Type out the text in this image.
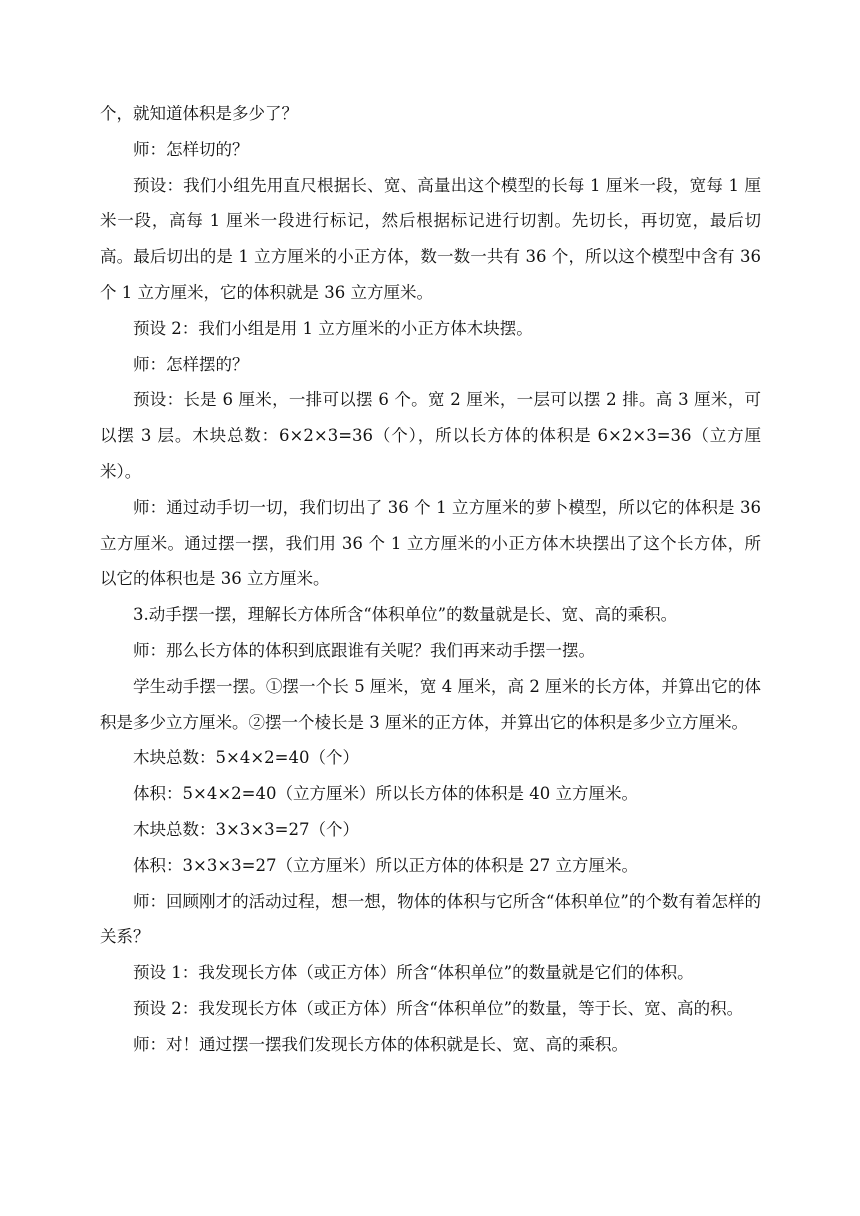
个，就知道体积是多少了？

师：怎样切的？

预设：我们小组先用直尺根据长、宽、高量出这个模型的长每 1 厘米一段，宽每 1 厘米一段，高每 1 厘米一段进行标记，然后根据标记进行切割。先切长，再切宽，最后切高。最后切出的是 1 立方厘米的小正方体，数一数一共有 36 个，所以这个模型中含有 36 个 1 立方厘米，它的体积就是 36 立方厘米。

预设 2：我们小组是用 1 立方厘米的小正方体木块摆。

师：怎样摆的？

预设：长是 6 厘米，一排可以摆 6 个。宽 2 厘米，一层可以摆 2 排。高 3 厘米，可以摆 3 层。木块总数：6×2×3=36（个），所以长方体的体积是 6×2×3=36（立方厘米）。

师：通过动手切一切，我们切出了 36 个 1 立方厘米的萝卜模型，所以它的体积是 36 立方厘米。通过摆一摆，我们用 36 个 1 立方厘米的小正方体木块摆出了这个长方体，所以它的体积也是 36 立方厘米。

3.动手摆一摆，理解长方体所含“体积单位”的数量就是长、宽、高的乘积。

师：那么长方体的体积到底跟谁有关呢？我们再来动手摆一摆。

学生动手摆一摆。①摆一个长 5 厘米，宽 4 厘米，高 2 厘米的长方体，并算出它的体积是多少立方厘米。②摆一个棱长是 3 厘米的正方体，并算出它的体积是多少立方厘米。

木块总数：5×4×2=40（个）

体积：5×4×2=40（立方厘米）所以长方体的体积是 40 立方厘米。

木块总数：3×3×3=27（个）

体积：3×3×3=27（立方厘米）所以正方体的体积是 27 立方厘米。

师：回顾刚才的活动过程，想一想，物体的体积与它所含“体积单位”的个数有着怎样的关系？

预设 1：我发现长方体（或正方体）所含“体积单位”的数量就是它们的体积。

预设 2：我发现长方体（或正方体）所含“体积单位”的数量，等于长、宽、高的积。

师：对！通过摆一摆我们发现长方体的体积就是长、宽、高的乘积。
